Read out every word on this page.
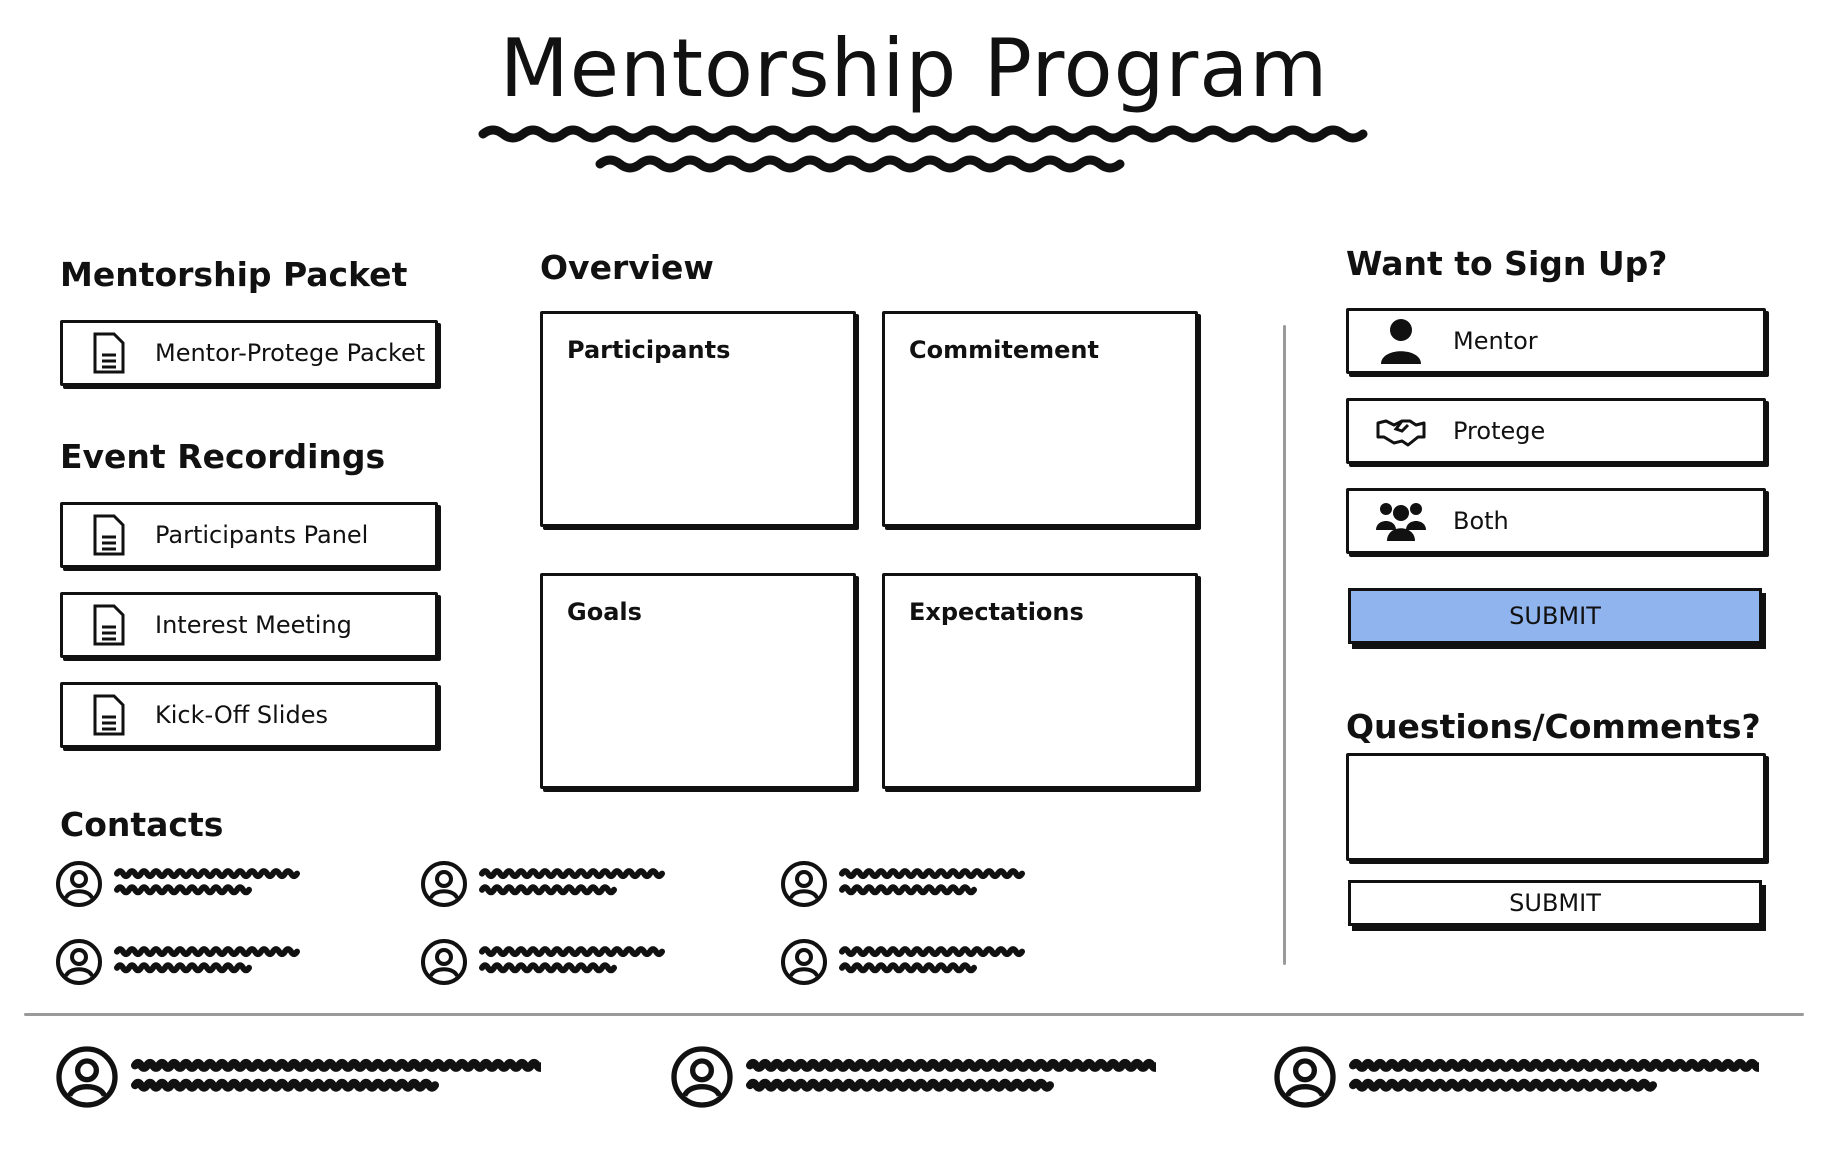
Mentorship Program
Mentorship Packet
Mentor-Protege Packet
Event Recordings
Participants Panel
Interest Meeting
Kick-Off Slides
Contacts
Overview
Participants	Commitement
Goals	Expectations
Want to Sign Up?
Mentor
Protege
Both
SUBMIT
Questions/Comments?
SUBMIT
